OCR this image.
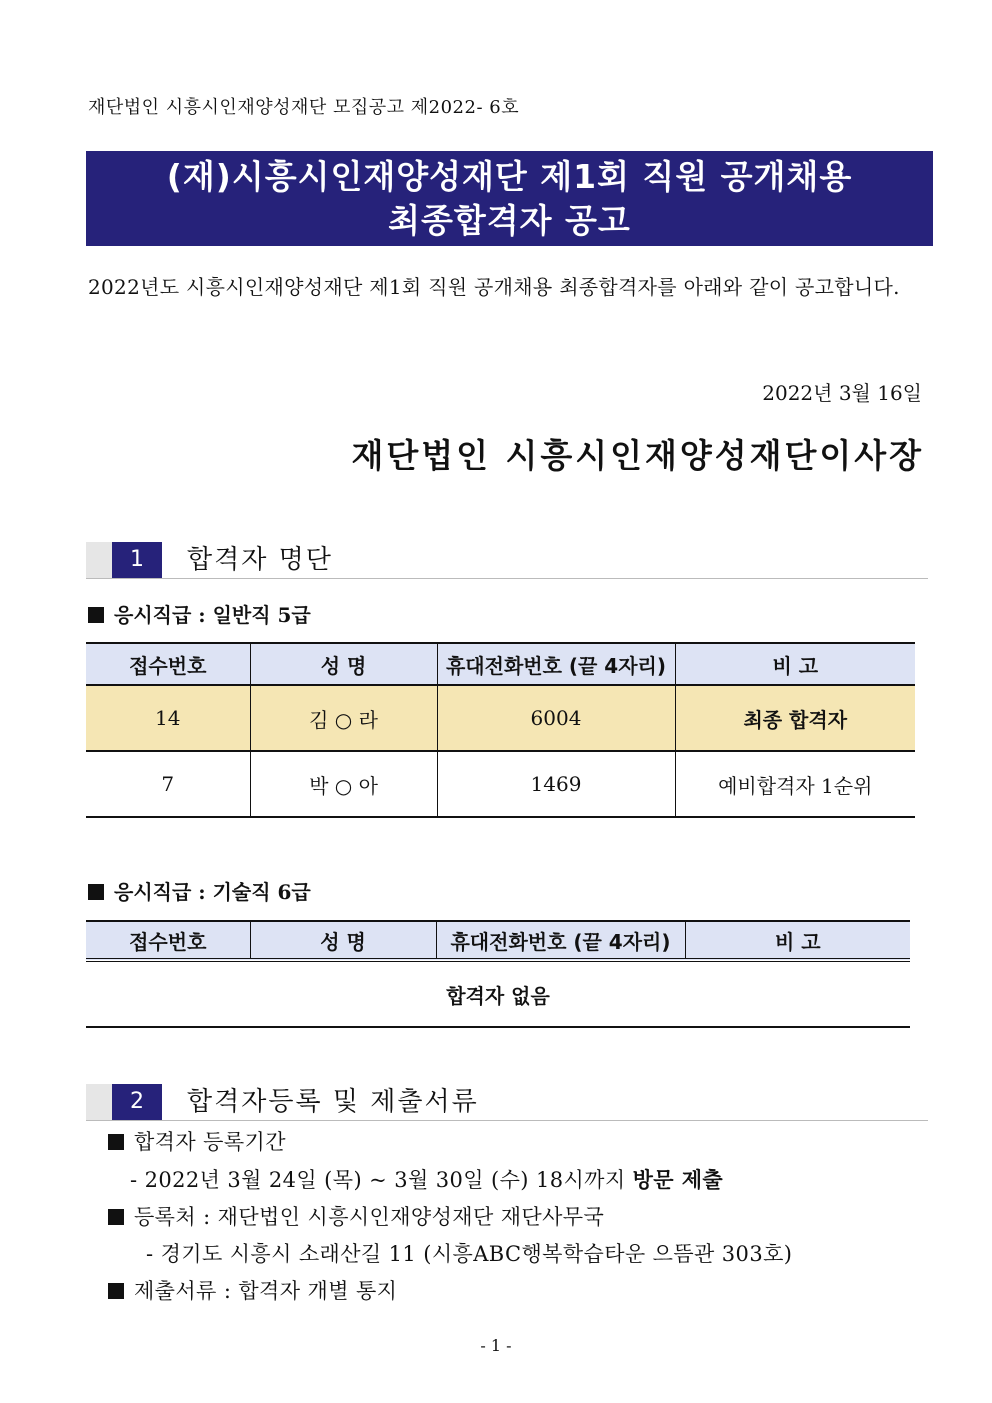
재단법인 시흥시인재양성재단 모집공고 제2022- 6호
(재)시흥시인재양성재단 제1회 직원 공개채용
최종합격자 공고
2022년도 시흥시인재양성재단 제1회 직원 공개채용 최종합격자를 아래와 같이 공고합니다.
2022년 3월 16일
재단법인 시흥시인재양성재단이사장
1	합격자 명단
응시직급 : 일반직 5급
접수번호	성 명	휴대전화번호 (끝 4자리)	비 고
14	김 ○ 라	6004	최종 합격자
7	박 ○ 아	1469	예비합격자 1순위
응시직급 : 기술직 6급
접수번호	성 명	휴대전화번호 (끝 4자리)	비 고
합격자 없음
2	합격자등록 및 제출서류
합격자 등록기간
- 2022년 3월 24일 (목) ~ 3월 30일 (수) 18시까지 방문 제출
등록처 : 재단법인 시흥시인재양성재단 재단사무국
- 경기도 시흥시 소래산길 11 (시흥ABC행복학습타운 으뜸관 303호)
제출서류 : 합격자 개별 통지
- 1 -
